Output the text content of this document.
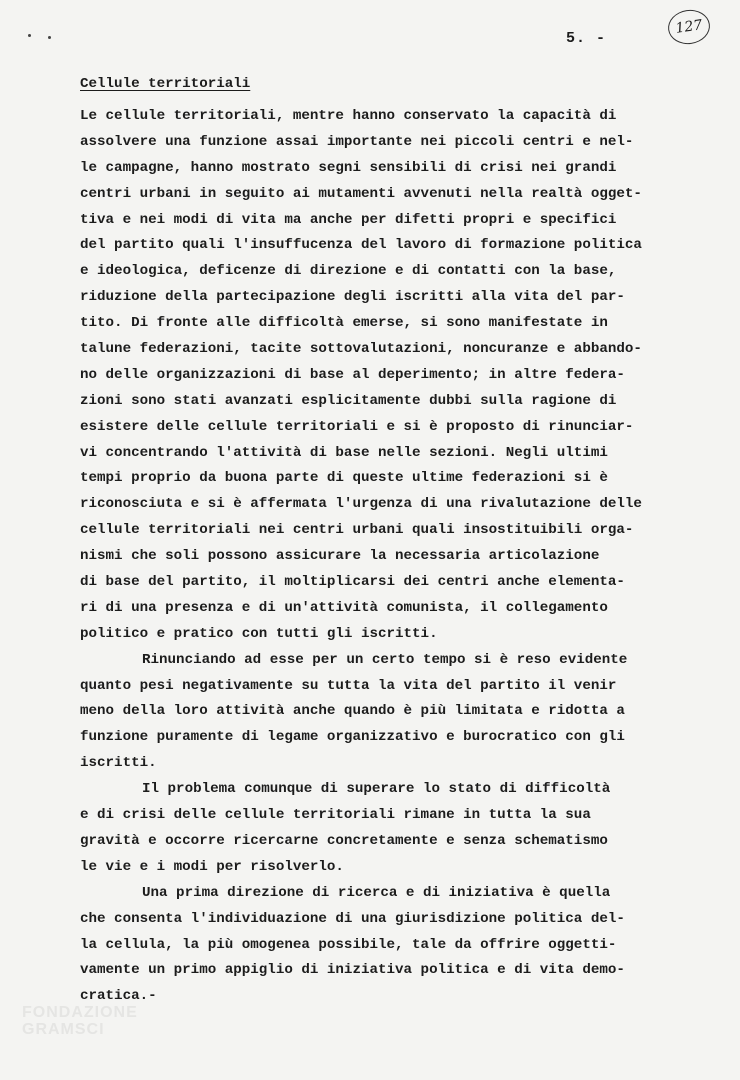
5. -
127
Cellule territoriali
Le cellule territoriali, mentre hanno conservato la capacità di
assolvere una funzione assai importante nei piccoli centri e nel-
le campagne, hanno mostrato segni sensibili di crisi nei grandi
centri urbani in seguito ai mutamenti avvenuti nella realtà ogget-
tiva e nei modi di vita ma anche per difetti propri e specifici
del partito quali l'insuffucenza del lavoro di formazione politica
e ideologica, deficenze di direzione e di contatti con la base,
riduzione della partecipazione degli iscritti alla vita del par-
tito. Di fronte alle difficoltà emerse, si sono manifestate in
talune federazioni, tacite sottovalutazioni, noncuranze e abbando-
no delle organizzazioni di base al deperimento; in altre federa-
zioni sono stati avanzati esplicitamente dubbi sulla ragione di
esistere delle cellule territoriali e si è proposto di rinunciar-
vi concentrando l'attività di base nelle sezioni. Negli ultimi
tempi proprio da buona parte di queste ultime federazioni si è
riconosciuta e si è affermata l'urgenza di una rivalutazione delle
cellule territoriali nei centri urbani quali insostituibili orga-
nismi che soli possono assicurare la necessaria articolazione
di base del partito, il moltiplicarsi dei centri anche elementa-
ri di una presenza e di un'attività comunista, il collegamento
politico e pratico con tutti gli iscritti.
Rinunciando ad esse per un certo tempo si è reso evidente
quanto pesi negativamente su tutta la vita del partito il venir
meno della loro attività anche quando è più limitata e ridotta a
funzione puramente di legame organizzativo e burocratico con gli
iscritti.
Il problema comunque di superare lo stato di difficoltà
e di crisi delle cellule territoriali rimane in tutta la sua
gravità e occorre ricercarne concretamente e senza schematismo
le vie e i modi per risolverlo.
Una prima direzione di ricerca e di iniziativa è quella
che consenta l'individuazione di una giurisdizione politica del-
la cellula, la più omogenea possibile, tale da offrire oggetti-
vamente un primo appiglio di iniziativa politica e di vita demo-
cratica.-
FONDAZIONE
GRAMSCI
